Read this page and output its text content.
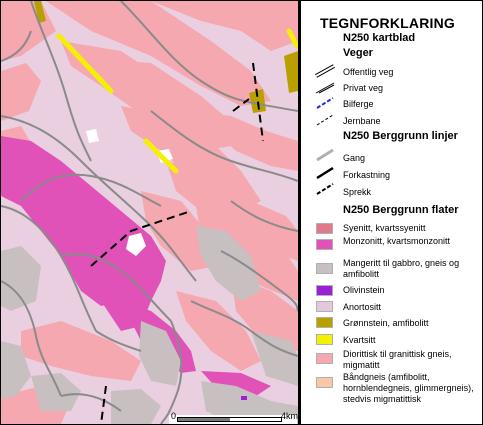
0	4km
TEGNFORKLARING
N250 kartblad
Veger
Offentlig veg
Privat veg
Bilferge
Jernbane
N250 Berggrunn linjer
Gang
Forkastning
Sprekk
N250 Berggrunn flater
Syenitt, kvartssyenitt
Monzonitt, kvartsmonzonitt
Mangeritt til gabbro, gneis og amfibolitt
Olivinstein
Anortositt
Grønnstein, amfibolitt
Kvartsitt
Diorittisk til granittisk gneis, migmatitt
Båndgneis (amfibolitt, hornblendegneis, glimmergneis), stedvis migmatittisk
